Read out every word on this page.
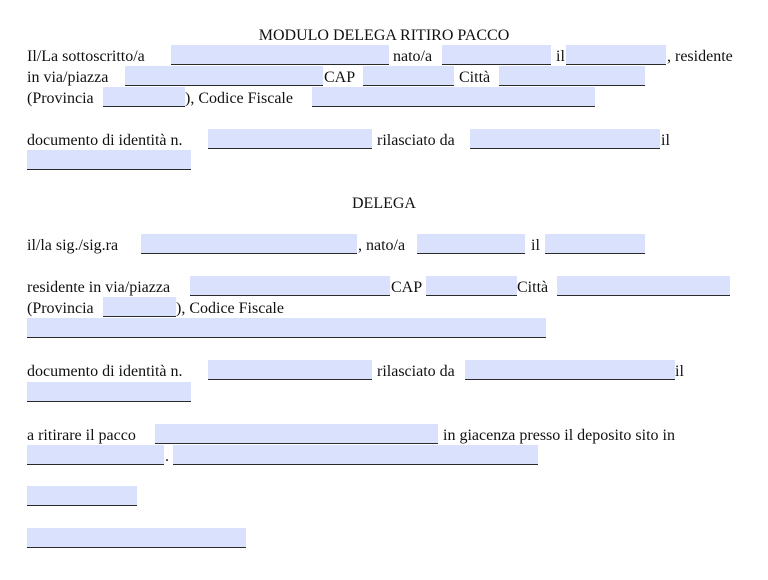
MODULO DELEGA RITIRO PACCO
Il/La sottoscritto/a	nato/a	il	, residente
in via/piazza	CAP	Città
(Provincia	), Codice Fiscale
documento di identità n.	rilasciato da	il
DELEGA
il/la sig./sig.ra	, nato/a	il
residente in via/piazza	CAP	Città
(Provincia	), Codice Fiscale
documento di identità n.	rilasciato da	il
a ritirare il pacco	in giacenza presso il deposito sito in
.
